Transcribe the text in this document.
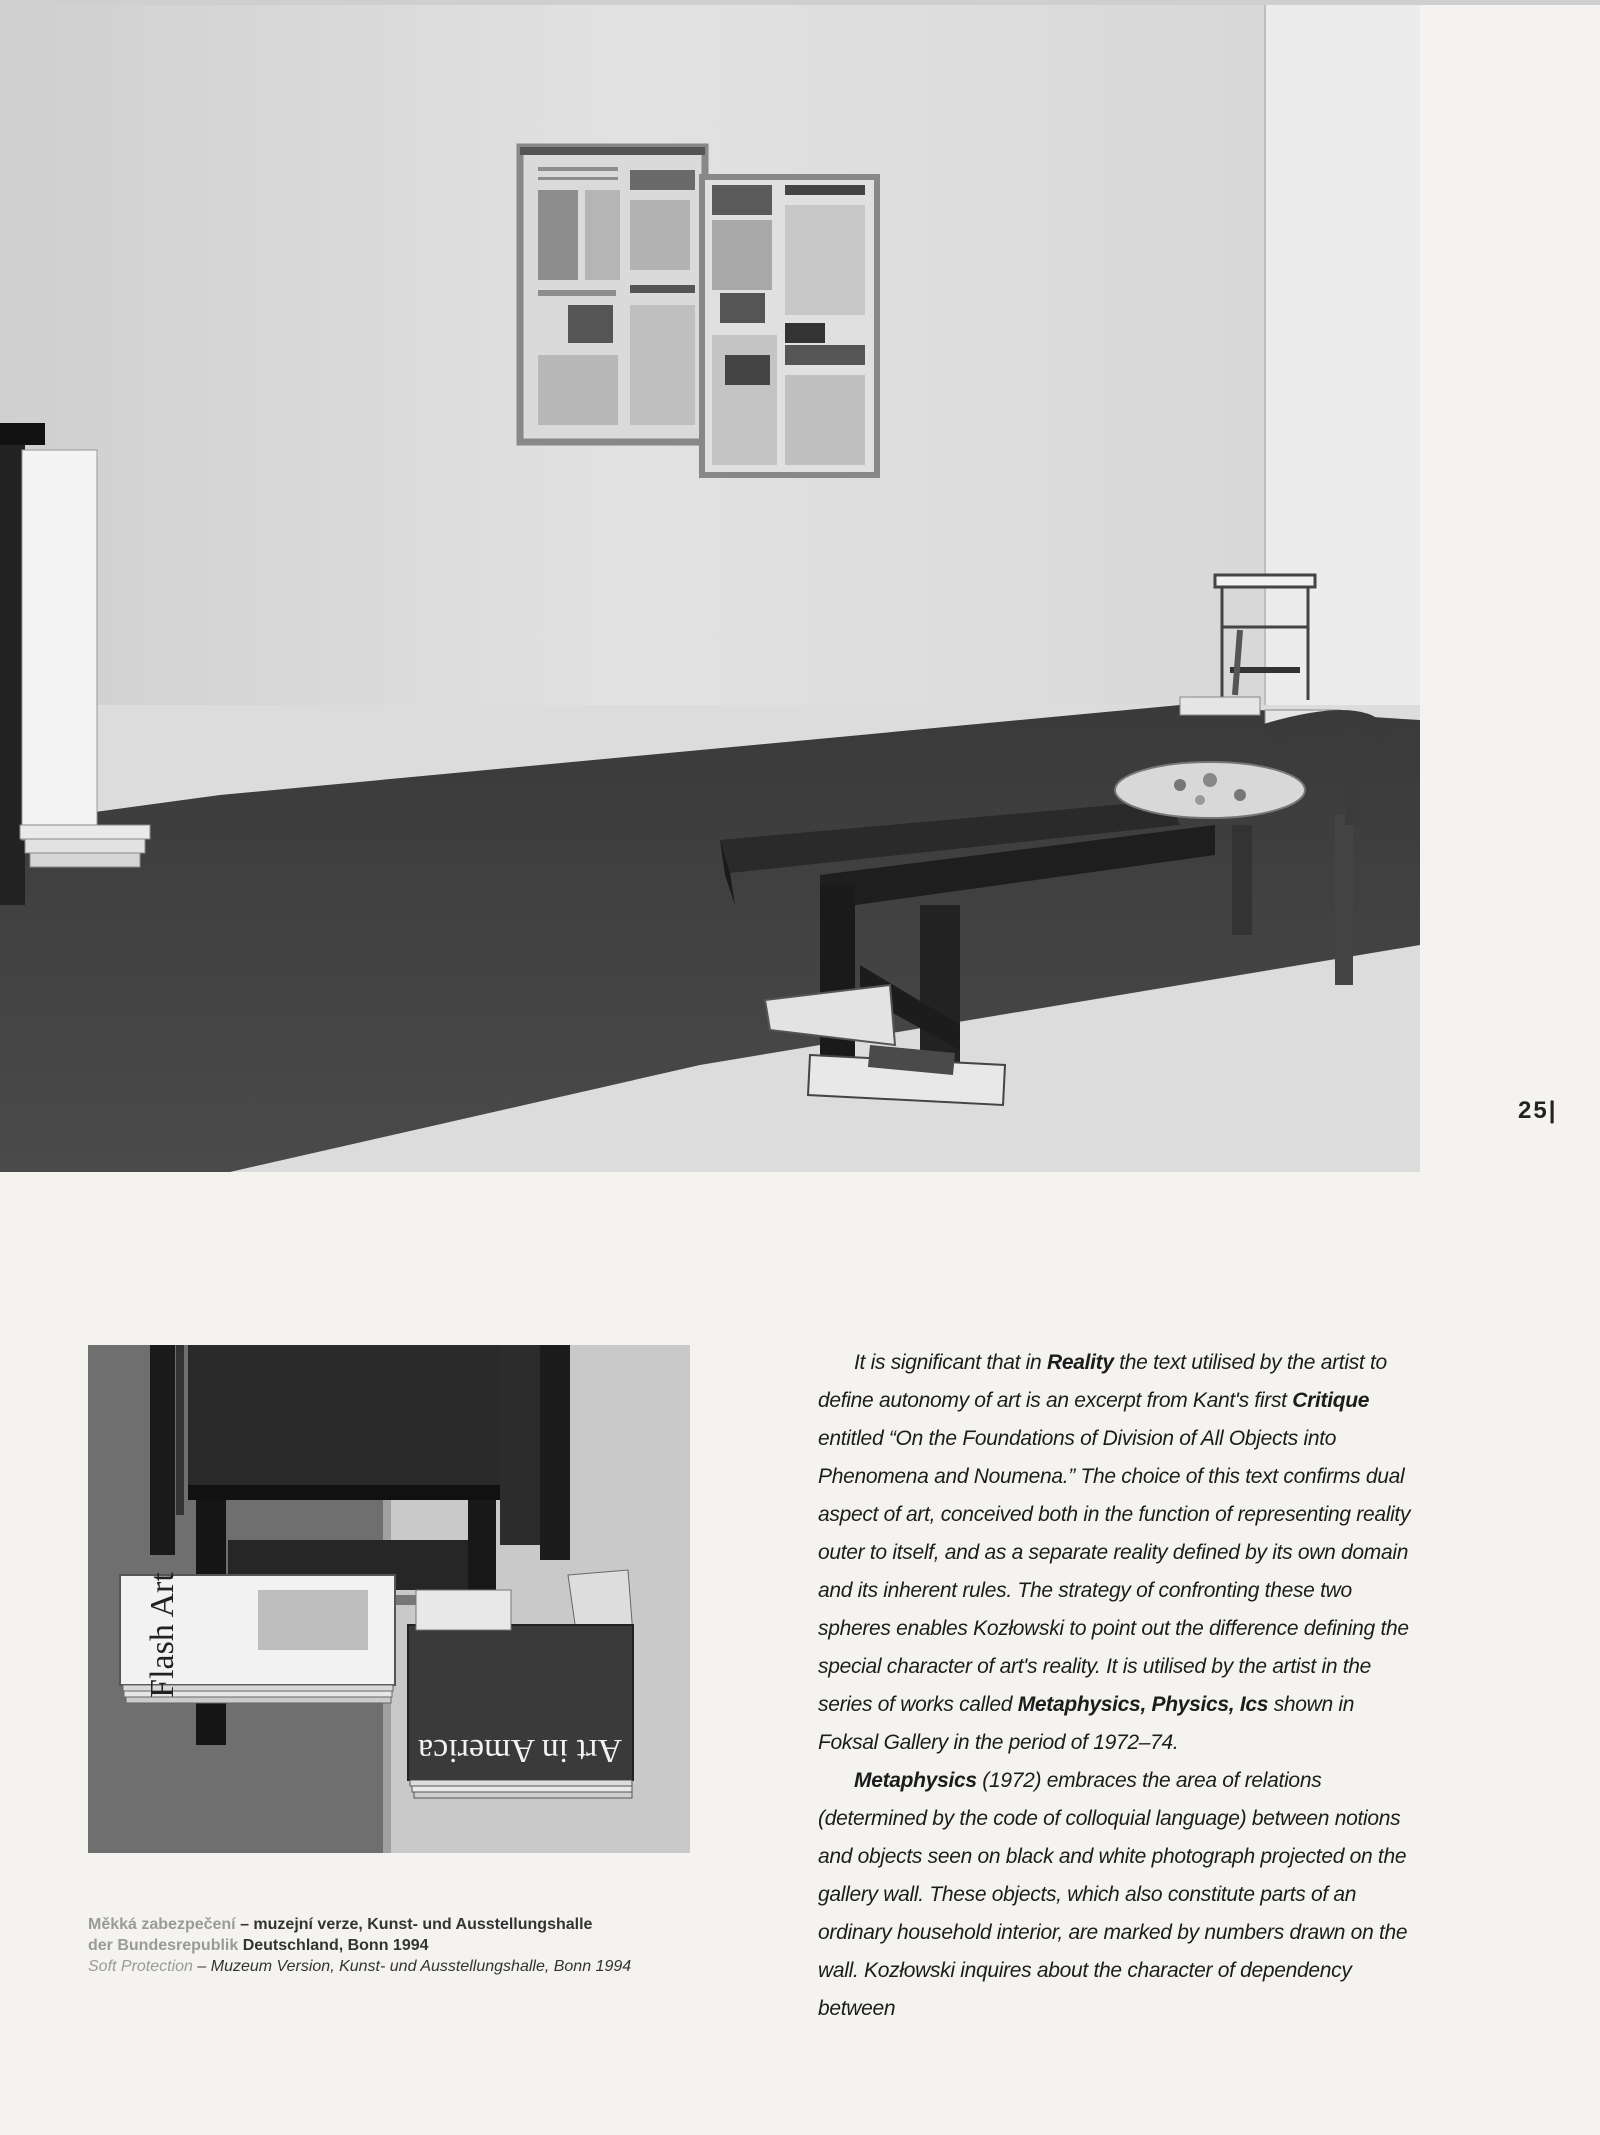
25|
Flash Art
Art in America
Měkká zabezpečení – muzejní verze, Kunst- und Ausstellungshalle
der Bundesrepublik Deutschland, Bonn 1994
Soft Protection – Muzeum Version, Kunst- und Ausstellungshalle, Bonn 1994

It is significant that in Reality the text utilised by the artist to define autonomy of art is an excerpt from Kant's first Critique entitled “On the Foundations of Division of All Objects into Phenomena and Noumena.” The choice of this text confirms dual aspect of art, conceived both in the function of representing reality outer to itself, and as a separate reality defined by its own domain and its inherent rules. The strategy of confronting these two spheres enables Kozłowski to point out the difference defining the special character of art's reality. It is utilised by the artist in the series of works called Metaphysics, Physics, Ics shown in Foksal Gallery in the period of 1972–74.

Metaphysics (1972) embraces the area of relations (determined by the code of colloquial language) between notions and objects seen on black and white photograph projected on the gallery wall. These objects, which also constitute parts of an ordinary household interior, are marked by numbers drawn on the wall. Kozłowski inquires about the character of dependency between
